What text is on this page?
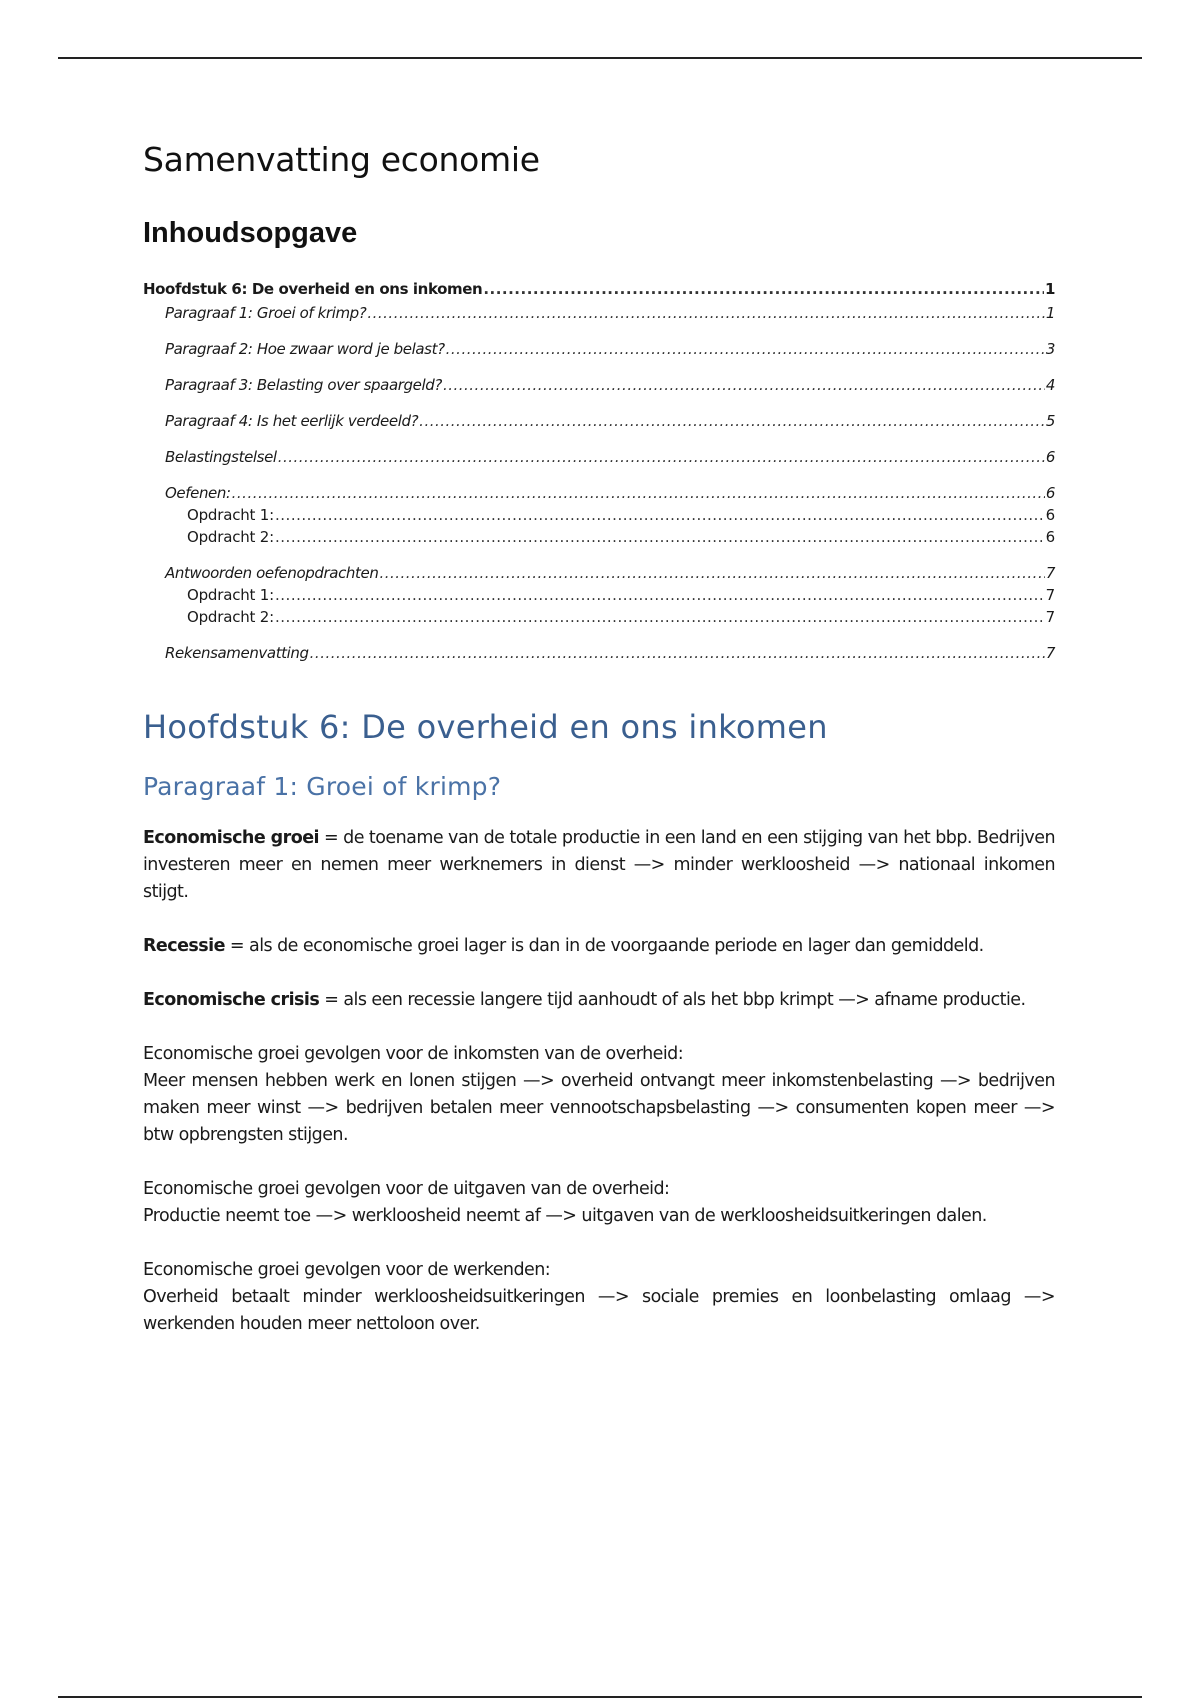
Samenvatting economie
Inhoudsopgave
Hoofdstuk 6: De overheid en ons inkomen .....	1
Paragraaf 1: Groei of krimp? .....	1
Paragraaf 2: Hoe zwaar word je belast? .....	3
Paragraaf 3: Belasting over spaargeld? .....	4
Paragraaf 4: Is het eerlijk verdeeld? .....	5
Belastingstelsel .....	6
Oefenen: .....	6
Opdracht 1: .....	6
Opdracht 2: .....	6
Antwoorden oefenopdrachten .....	7
Opdracht 1: .....	7
Opdracht 2: .....	7
Rekensamenvatting .....	7
Hoofdstuk 6: De overheid en ons inkomen
Paragraaf 1: Groei of krimp?

Economische groei = de toename van de totale productie in een land en een stijging van het bbp. Bedrijven investeren meer en nemen meer werknemers in dienst —> minder werkloosheid —> nationaal inkomen stijgt.

Recessie = als de economische groei lager is dan in de voorgaande periode en lager dan gemiddeld.

Economische crisis = als een recessie langere tijd aanhoudt of als het bbp krimpt —> afname productie.

Economische groei gevolgen voor de inkomsten van de overheid:
Meer mensen hebben werk en lonen stijgen —> overheid ontvangt meer inkomstenbelasting —> bedrijven maken meer winst —> bedrijven betalen meer vennootschapsbelasting —> consumenten kopen meer —> btw opbrengsten stijgen.

Economische groei gevolgen voor de uitgaven van de overheid:
Productie neemt toe —> werkloosheid neemt af —> uitgaven van de werkloosheidsuitkeringen dalen.

Economische groei gevolgen voor de werkenden:
Overheid betaalt minder werkloosheidsuitkeringen —> sociale premies en loonbelasting omlaag —> werkenden houden meer nettoloon over.
